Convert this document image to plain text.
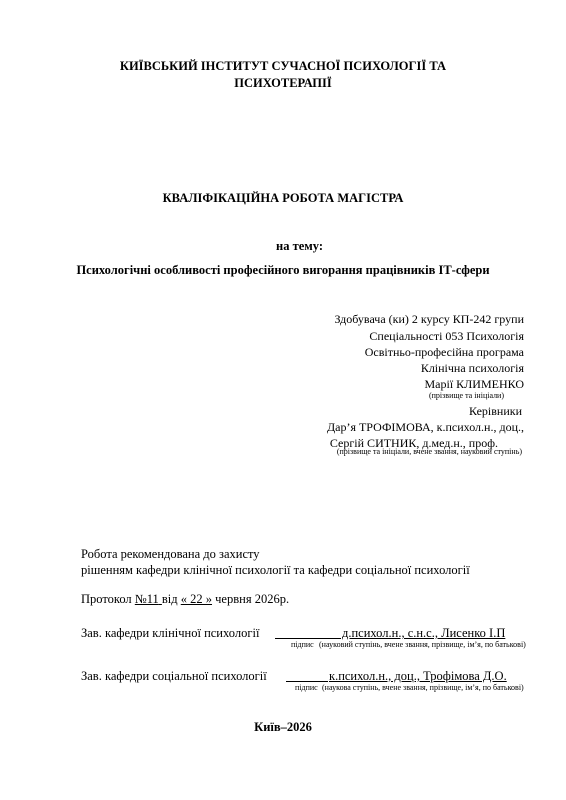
КИЇВСЬКИЙ ІНСТИТУТ СУЧАСНОЇ ПСИХОЛОГІЇ ТА
ПСИХОТЕРАПІЇ
КВАЛІФІКАЦІЙНА РОБОТА МАГІСТРА
на тему:
Психологічні особливості професійного вигорання працівників ІТ-сфери
Здобувача (ки) 2 курсу КП-242 групи
Спеціальності 053 Психологія
Освітньо-професійна програма
Клінічна психологія
Марії КЛИМЕНКО
(прізвище та ініціали)
Керівники
Дар’я ТРОФІМОВА, к.психол.н., доц.,
Сергій СИТНИК, д.мед.н., проф.
(прізвище та ініціали, вчене звання, науковий ступінь)
Робота рекомендована до захисту
рішенням кафедри клінічної психології та кафедри соціальної психології
Протокол №11 від « 22 » червня 2026р.
Зав. кафедри клінічної психології
підпис
д.психол.н., с.н.с., Лисенко І.П
(науковий ступінь, вчене звання, прізвище, ім’я, по батькові)
Зав. кафедри соціальної психології
підпис
к.психол.н., доц., Трофімова Д.О.
(наукова ступінь, вчене звання, прізвище, ім’я, по батькові)
Київ–2026
